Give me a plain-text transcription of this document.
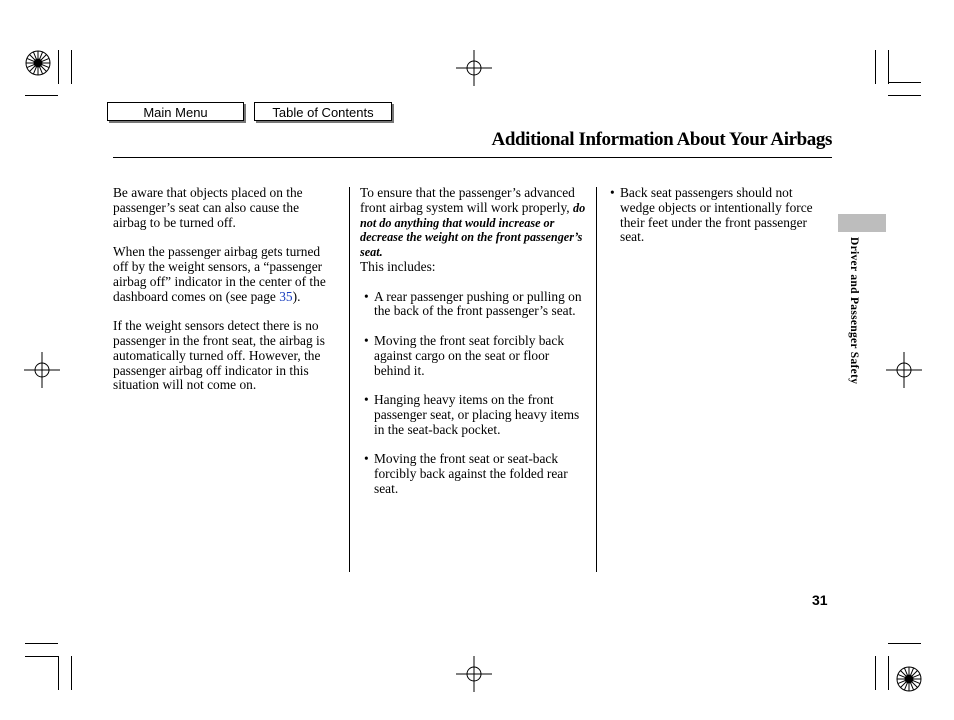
Main Menu	Table of Contents
Additional Information About Your Airbags

Be aware that objects placed on the passenger’s seat can also cause the airbag to be turned off.

When the passenger airbag gets turned off by the weight sensors, a “passenger airbag off” indicator in the center of the dashboard comes on (see page 35).

If the weight sensors detect there is no passenger in the front seat, the airbag is automatically turned off. However, the passenger airbag off indicator in this situation will not come on.

To ensure that the passenger’s advanced front airbag system will work properly, do not do anything that would increase or decrease the weight on the front passenger’s seat.
This includes:

• A rear passenger pushing or pulling on the back of the front passenger’s seat.
• Moving the front seat forcibly back against cargo on the seat or floor behind it.
• Hanging heavy items on the front passenger seat, or placing heavy items in the seat-back pocket.
• Moving the front seat or seat-back forcibly back against the folded rear seat.
• Back seat passengers should not wedge objects or intentionally force their feet under the front passenger seat.
Driver and Passenger Safety
31
